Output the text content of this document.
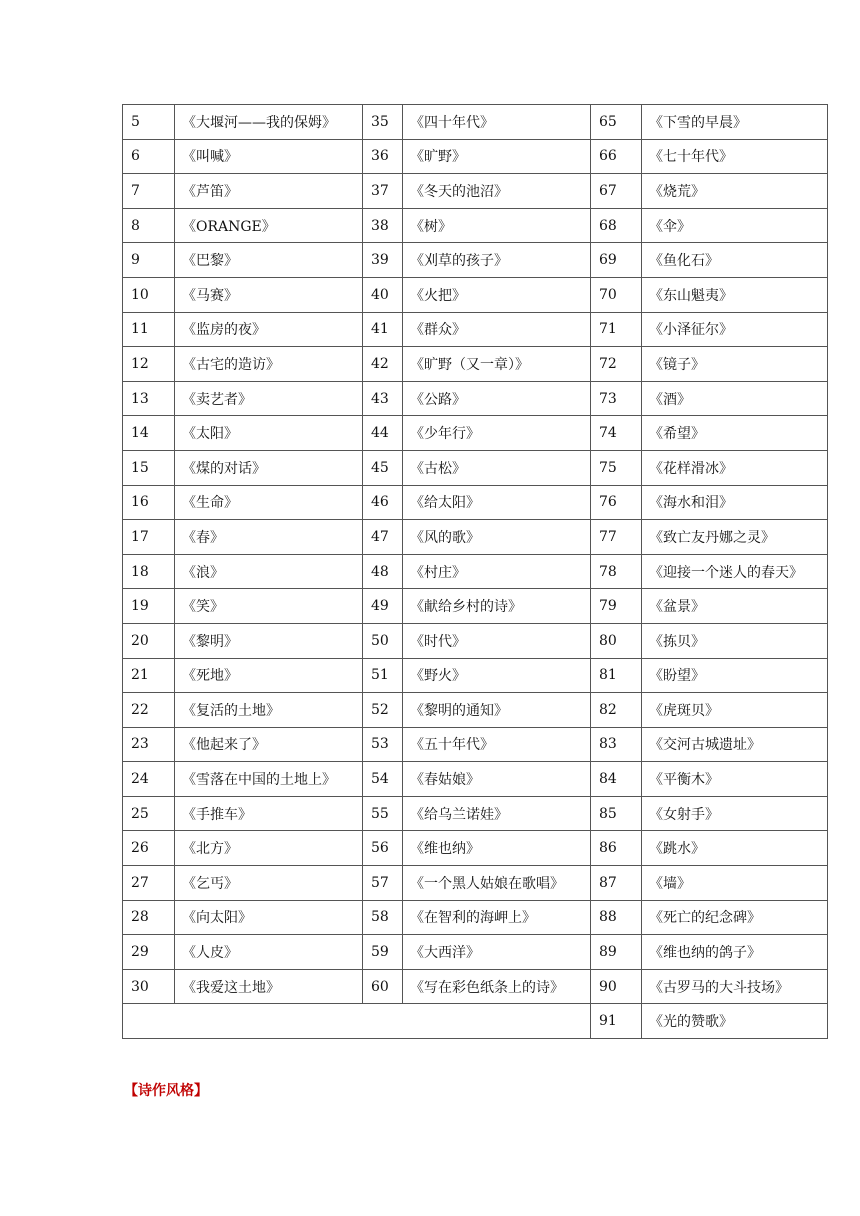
5	《大堰河——我的保姆》	35	《四十年代》	65	《下雪的早晨》
6	《叫喊》	36	《旷野》	66	《七十年代》
7	《芦笛》	37	《冬天的池沼》	67	《烧荒》
8	《ORANGE》	38	《树》	68	《伞》
9	《巴黎》	39	《刈草的孩子》	69	《鱼化石》
10	《马赛》	40	《火把》	70	《东山魁夷》
11	《监房的夜》	41	《群众》	71	《小泽征尔》
12	《古宅的造访》	42	《旷野（又一章）》	72	《镜子》
13	《卖艺者》	43	《公路》	73	《酒》
14	《太阳》	44	《少年行》	74	《希望》
15	《煤的对话》	45	《古松》	75	《花样滑冰》
16	《生命》	46	《给太阳》	76	《海水和泪》
17	《春》	47	《风的歌》	77	《致亡友丹娜之灵》
18	《浪》	48	《村庄》	78	《迎接一个迷人的春天》
19	《笑》	49	《献给乡村的诗》	79	《盆景》
20	《黎明》	50	《时代》	80	《拣贝》
21	《死地》	51	《野火》	81	《盼望》
22	《复活的土地》	52	《黎明的通知》	82	《虎斑贝》
23	《他起来了》	53	《五十年代》	83	《交河古城遗址》
24	《雪落在中国的土地上》	54	《春姑娘》	84	《平衡木》
25	《手推车》	55	《给乌兰诺娃》	85	《女射手》
26	《北方》	56	《维也纳》	86	《跳水》
27	《乞丐》	57	《一个黑人姑娘在歌唱》	87	《墙》
28	《向太阳》	58	《在智利的海岬上》	88	《死亡的纪念碑》
29	《人皮》	59	《大西洋》	89	《维也纳的鸽子》
30	《我爱这土地》	60	《写在彩色纸条上的诗》	90	《古罗马的大斗技场》
				91	《光的赞歌》
【诗作风格】
